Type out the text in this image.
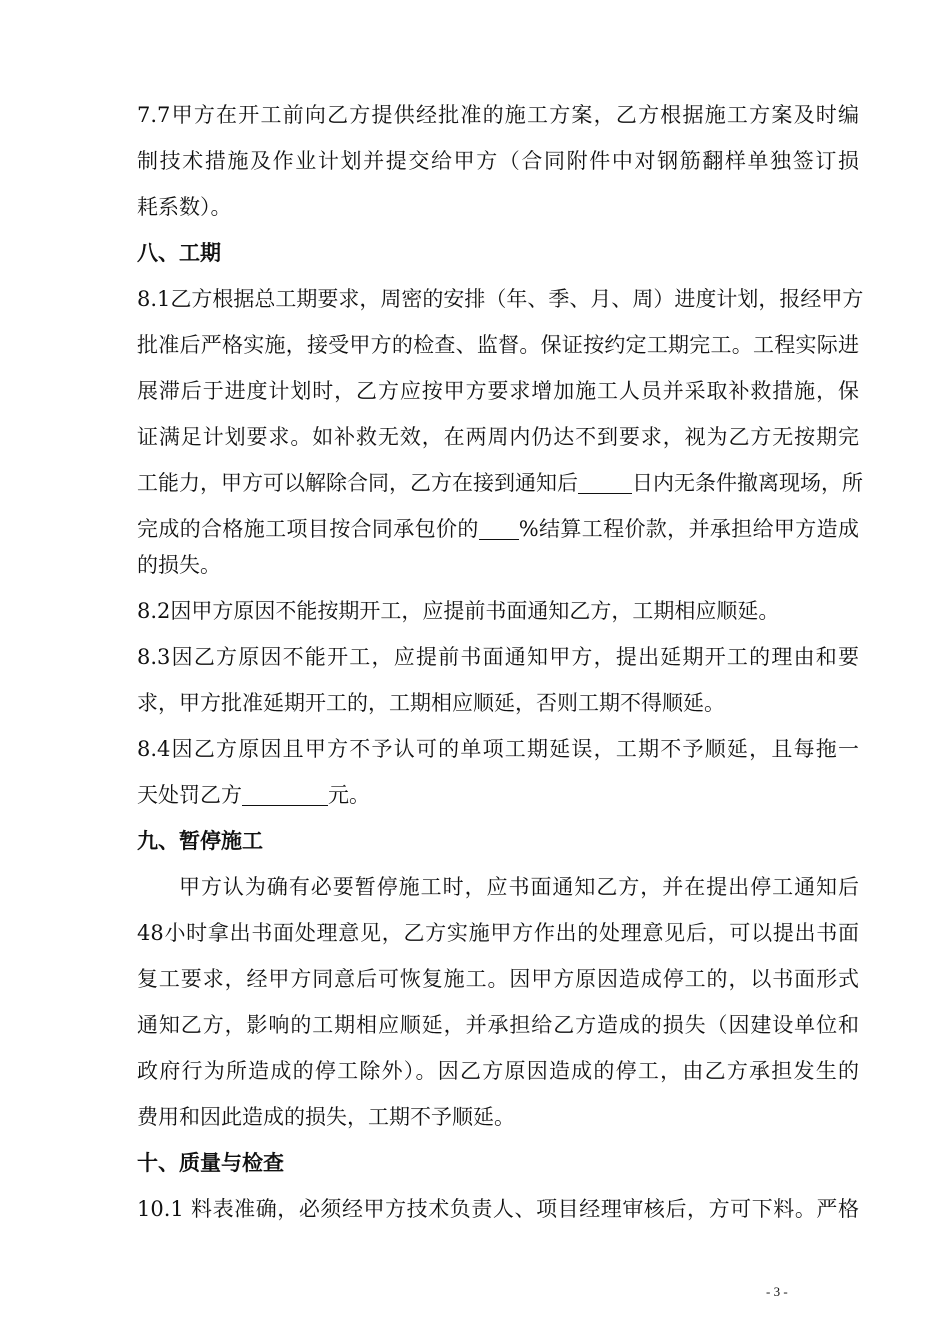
7.7甲方在开工前向乙方提供经批准的施工方案，乙方根据施工方案及时编
制技术措施及作业计划并提交给甲方（合同附件中对钢筋翻样单独签订损
耗系数）。
八、工期
8.1乙方根据总工期要求，周密的安排（年、季、月、周）进度计划，报经甲方
批准后严格实施，接受甲方的检查、监督。保证按约定工期完工。工程实际进
展滞后于进度计划时，乙方应按甲方要求增加施工人员并采取补救措施，保
证满足计划要求。如补救无效，在两周内仍达不到要求，视为乙方无按期完
工能力，甲方可以解除合同，乙方在接到通知后	日内无条件撤离现场，所
完成的合格施工项目按合同承包价的 %结算工程价款，并承担给甲方造成
的损失。
8.2因甲方原因不能按期开工，应提前书面通知乙方，工期相应顺延。
8.3因乙方原因不能开工，应提前书面通知甲方，提出延期开工的理由和要
求，甲方批准延期开工的，工期相应顺延，否则工期不得顺延。
8.4因乙方原因且甲方不予认可的单项工期延误，工期不予顺延，且每拖一
天处罚乙方	元。
九、暂停施工
甲方认为确有必要暂停施工时，应书面通知乙方，并在提出停工通知后
48小时拿出书面处理意见，乙方实施甲方作出的处理意见后，可以提出书面
复工要求，经甲方同意后可恢复施工。因甲方原因造成停工的，以书面形式
通知乙方，影响的工期相应顺延，并承担给乙方造成的损失（因建设单位和
政府行为所造成的停工除外）。因乙方原因造成的停工，由乙方承担发生的
费用和因此造成的损失，工期不予顺延。
十、质量与检查
10.1 料表准确，必须经甲方技术负责人、项目经理审核后，方可下料。严格
- 3 -
